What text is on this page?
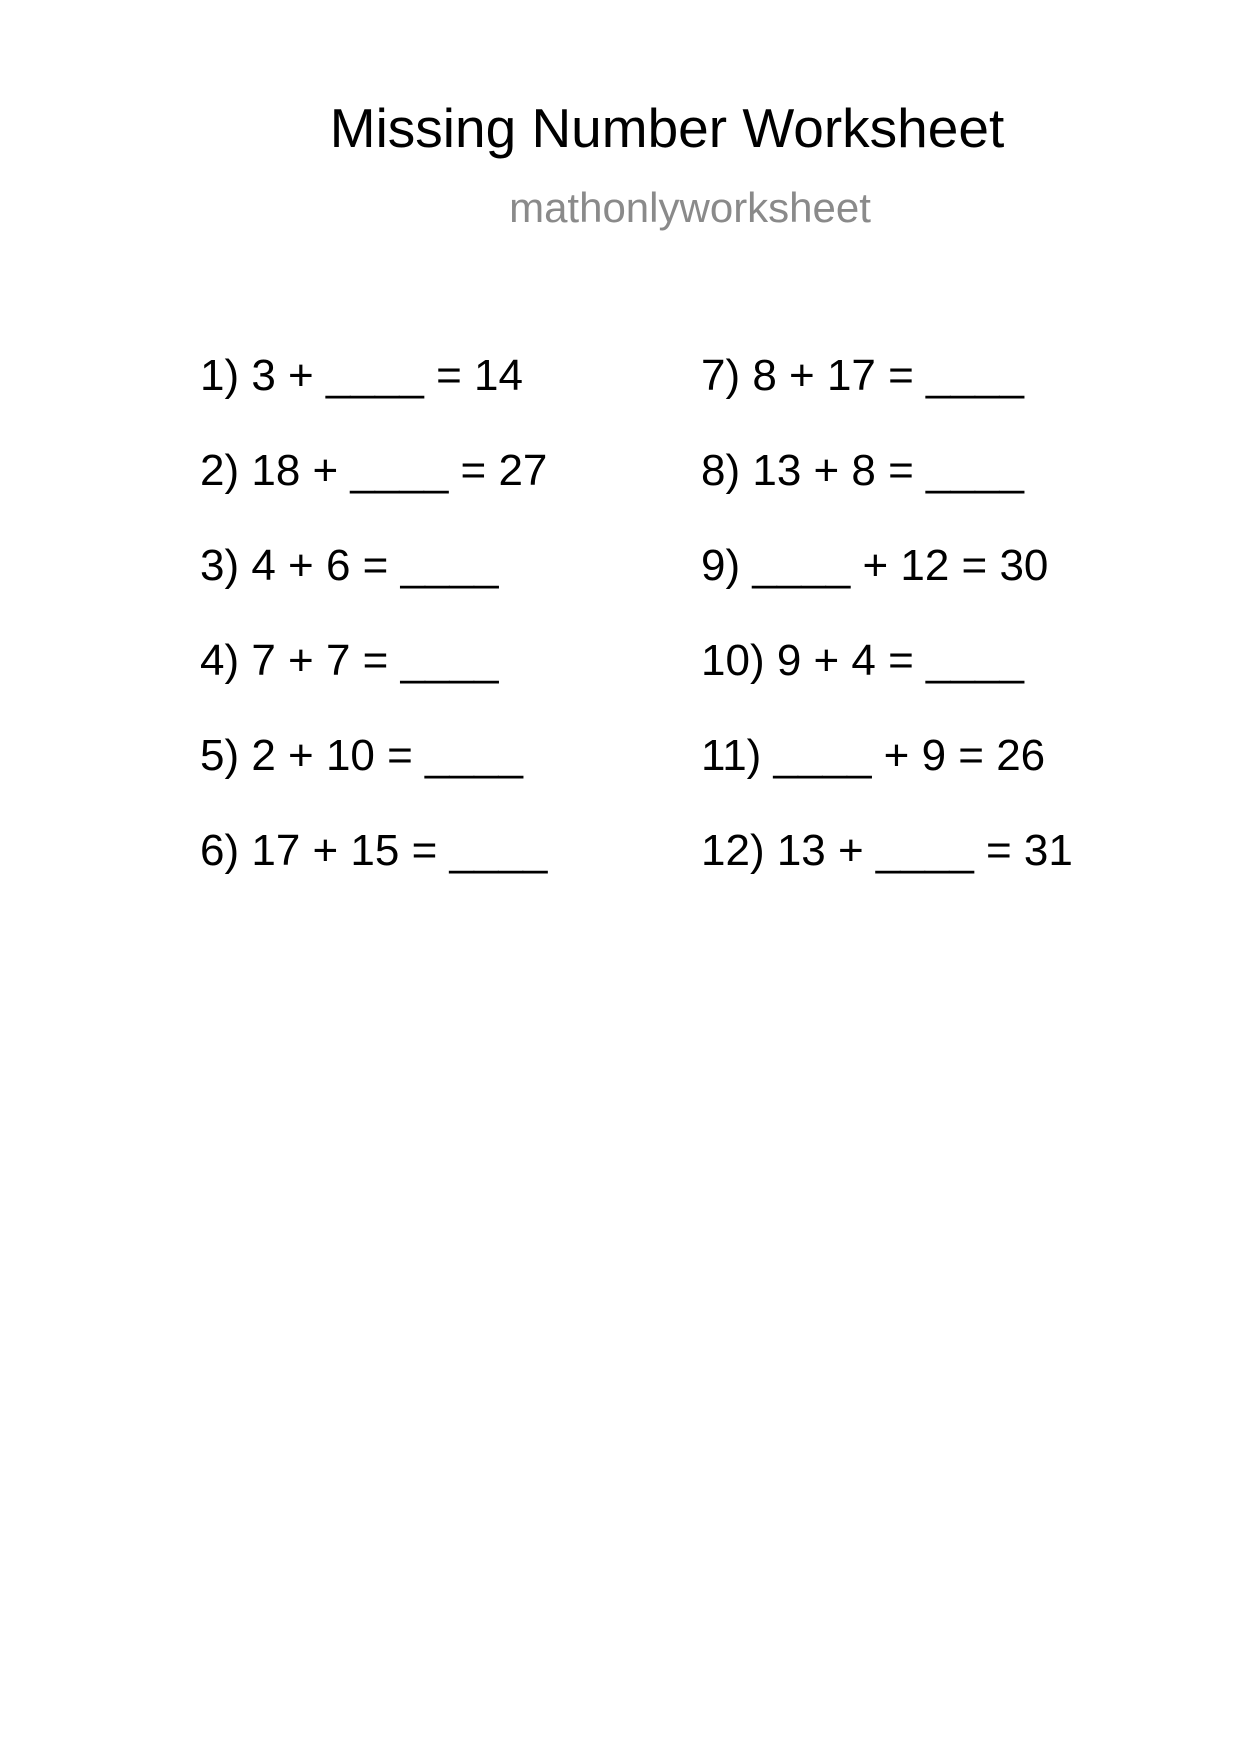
Missing Number Worksheet
mathonlyworksheet
1) 3 + ____ = 14
2) 18 + ____ = 27
3) 4 + 6 = ____
4) 7 + 7 = ____
5) 2 + 10 = ____
6) 17 + 15 = ____
7) 8 + 17 = ____
8) 13 + 8 = ____
9) ____ + 12 = 30
10) 9 + 4 = ____
11) ____ + 9 = 26
12) 13 + ____ = 31
